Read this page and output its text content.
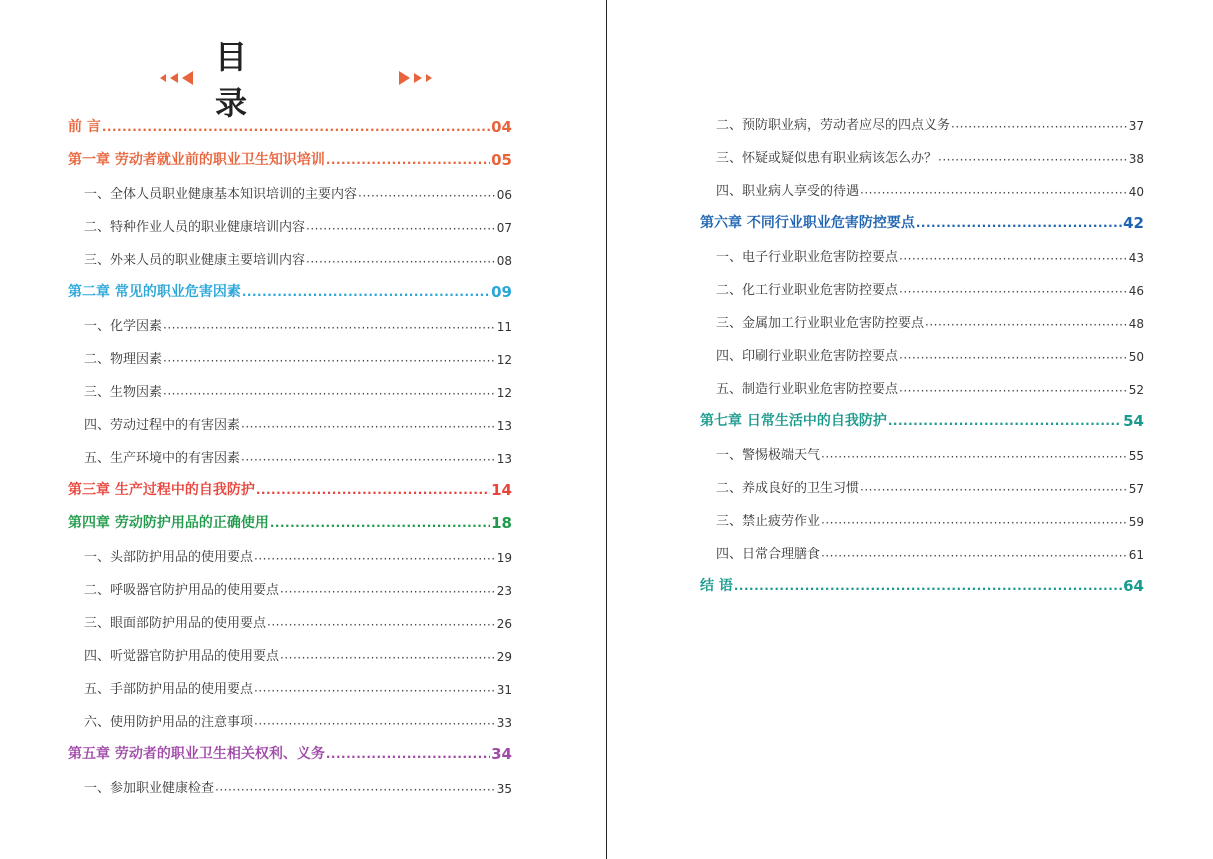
目录
前 言 ·····	04
第一章 劳动者就业前的职业卫生知识培训 ·····	05
一、全体人员职业健康基本知识培训的主要内容 ·····	06
二、特种作业人员的职业健康培训内容 ·····	07
三、外来人员的职业健康主要培训内容 ·····	08
第二章 常见的职业危害因素 ·····	09
一、化学因素 ·····	11
二、物理因素 ·····	12
三、生物因素 ·····	12
四、劳动过程中的有害因素 ·····	13
五、生产环境中的有害因素 ·····	13
第三章 生产过程中的自我防护 ·····	14
第四章 劳动防护用品的正确使用 ·····	18
一、头部防护用品的使用要点 ·····	19
二、呼吸器官防护用品的使用要点 ·····	23
三、眼面部防护用品的使用要点 ·····	26
四、听觉器官防护用品的使用要点 ·····	29
五、手部防护用品的使用要点 ·····	31
六、使用防护用品的注意事项 ·····	33
第五章 劳动者的职业卫生相关权利、义务 ·····	34
一、参加职业健康检查 ·····	35
二、预防职业病，劳动者应尽的四点义务 ·····	37
三、怀疑或疑似患有职业病该怎么办？ ·····	38
四、职业病人享受的待遇 ·····	40
第六章 不同行业职业危害防控要点 ·····	42
一、电子行业职业危害防控要点 ·····	43
二、化工行业职业危害防控要点 ·····	46
三、金属加工行业职业危害防控要点 ·····	48
四、印刷行业职业危害防控要点 ·····	50
五、制造行业职业危害防控要点 ·····	52
第七章 日常生活中的自我防护 ·····	54
一、警惕极端天气 ·····	55
二、养成良好的卫生习惯 ·····	57
三、禁止疲劳作业 ·····	59
四、日常合理膳食 ·····	61
结 语 ·····	64
